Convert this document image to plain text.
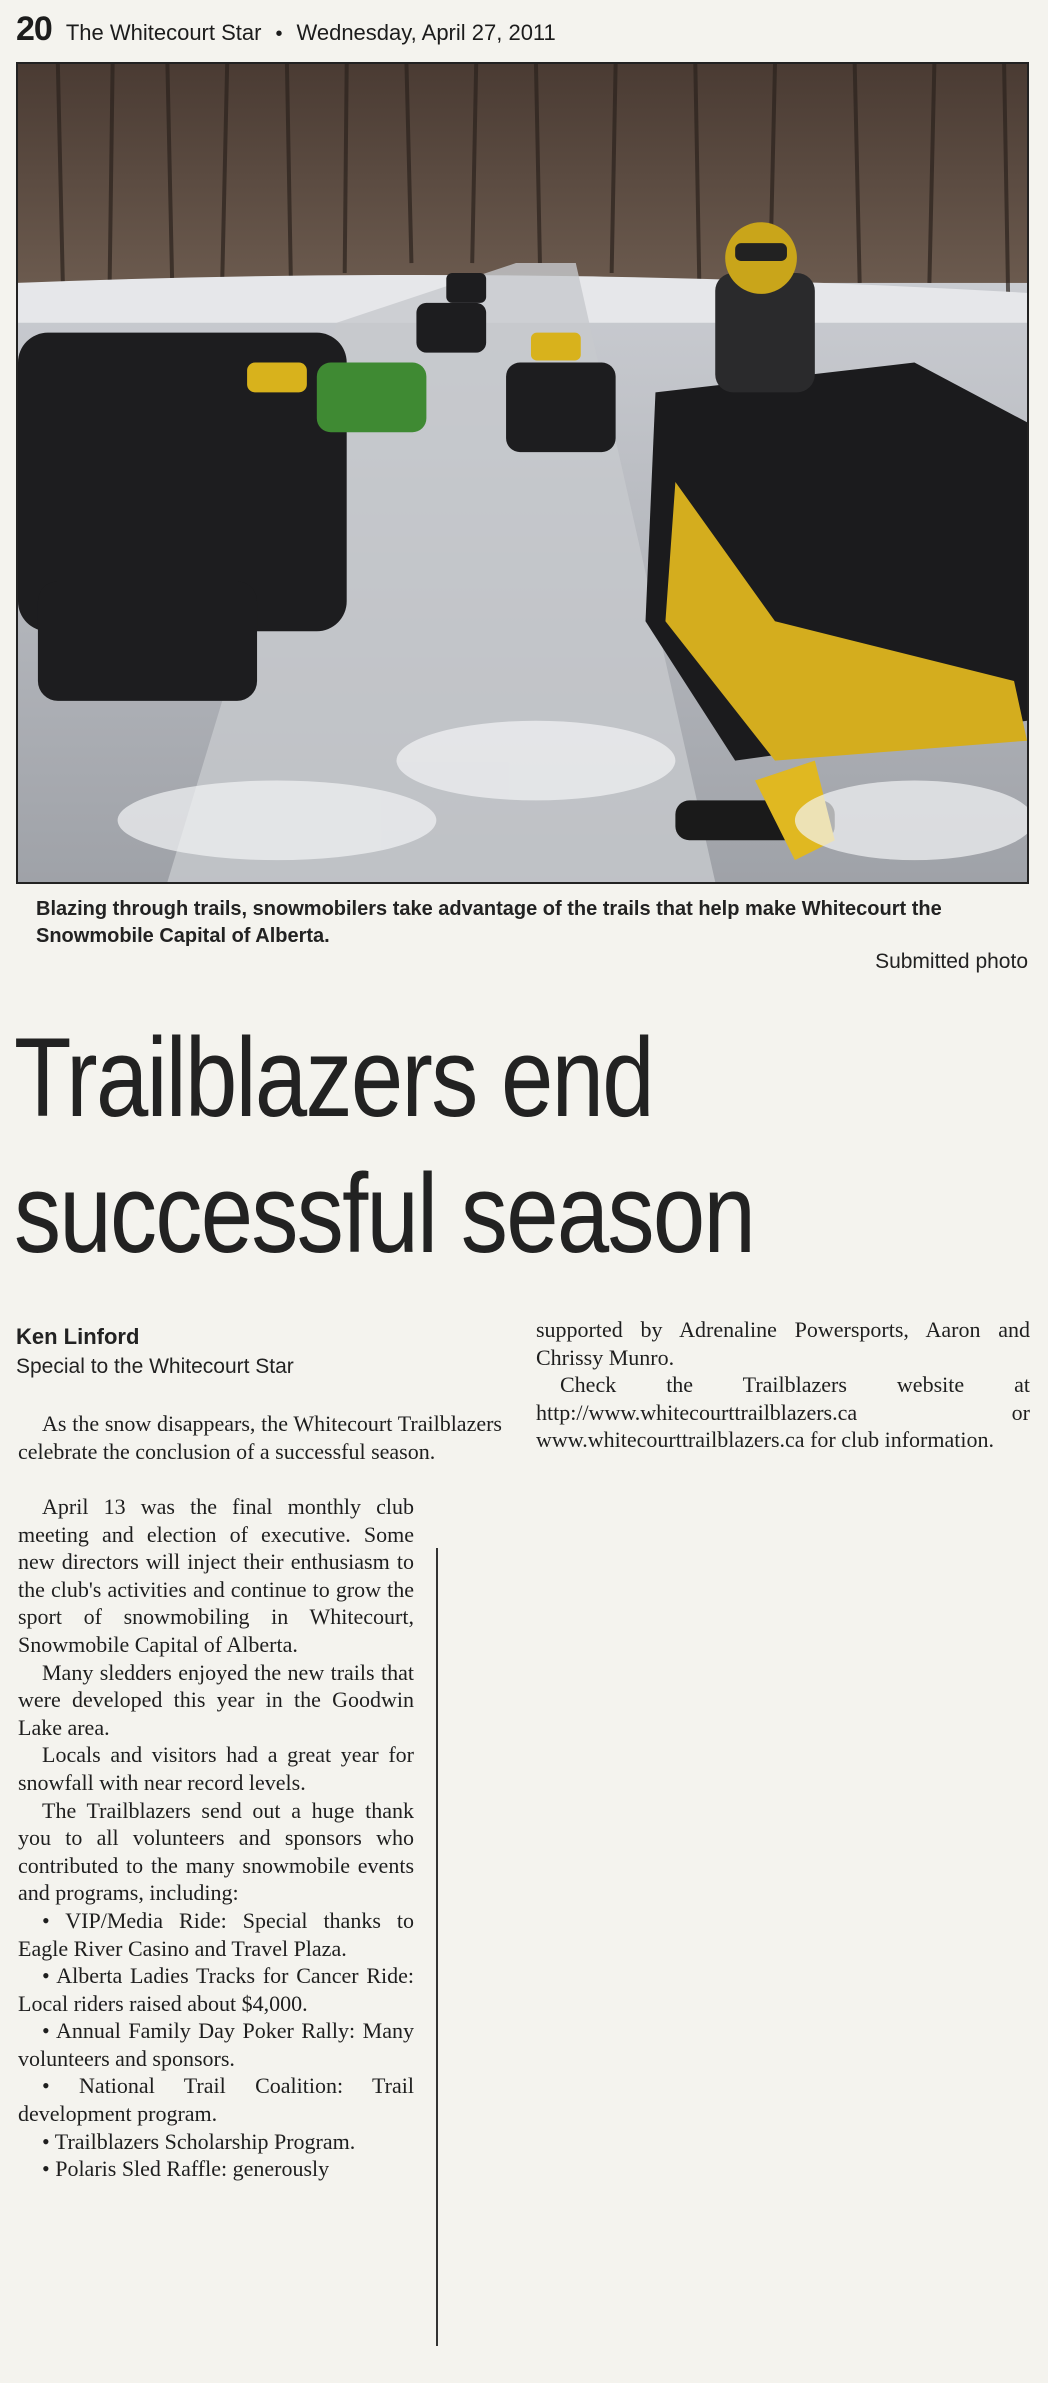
20 The Whitecourt Star • Wednesday, April 27, 2011
Blazing through trails, snowmobilers take advantage of the trails that help make Whitecourt the Snowmobile Capital of Alberta.
Submitted photo
Trailblazers end
successful season
Ken Linford
Special to the Whitecourt Star

As the snow disappears, the Whitecourt Trailblazers celebrate the conclusion of a successful season.

April 13 was the final monthly club meeting and election of executive. Some new directors will inject their enthusiasm to the club's activities and continue to grow the sport of snowmobiling in Whitecourt, Snowmobile Capital of Alberta.

Many sledders enjoyed the new trails that were developed this year in the Goodwin Lake area.

Locals and visitors had a great year for snowfall with near record levels.

The Trailblazers send out a huge thank you to all volunteers and sponsors who contributed to the many snowmobile events and programs, including:

• VIP/Media Ride: Special thanks to Eagle River Casino and Travel Plaza.

• Alberta Ladies Tracks for Cancer Ride: Local riders raised about $4,000.

• Annual Family Day Poker Rally: Many volunteers and sponsors.

• National Trail Coalition: Trail development program.

• Trailblazers Scholarship Program.

• Polaris Sled Raffle: generously

supported by Adrenaline Powersports, Aaron and Chrissy Munro.

Check the Trailblazers website at http://www.whitecourttrailblazers.ca or www.whitecourttrailblazers.ca for club information.
